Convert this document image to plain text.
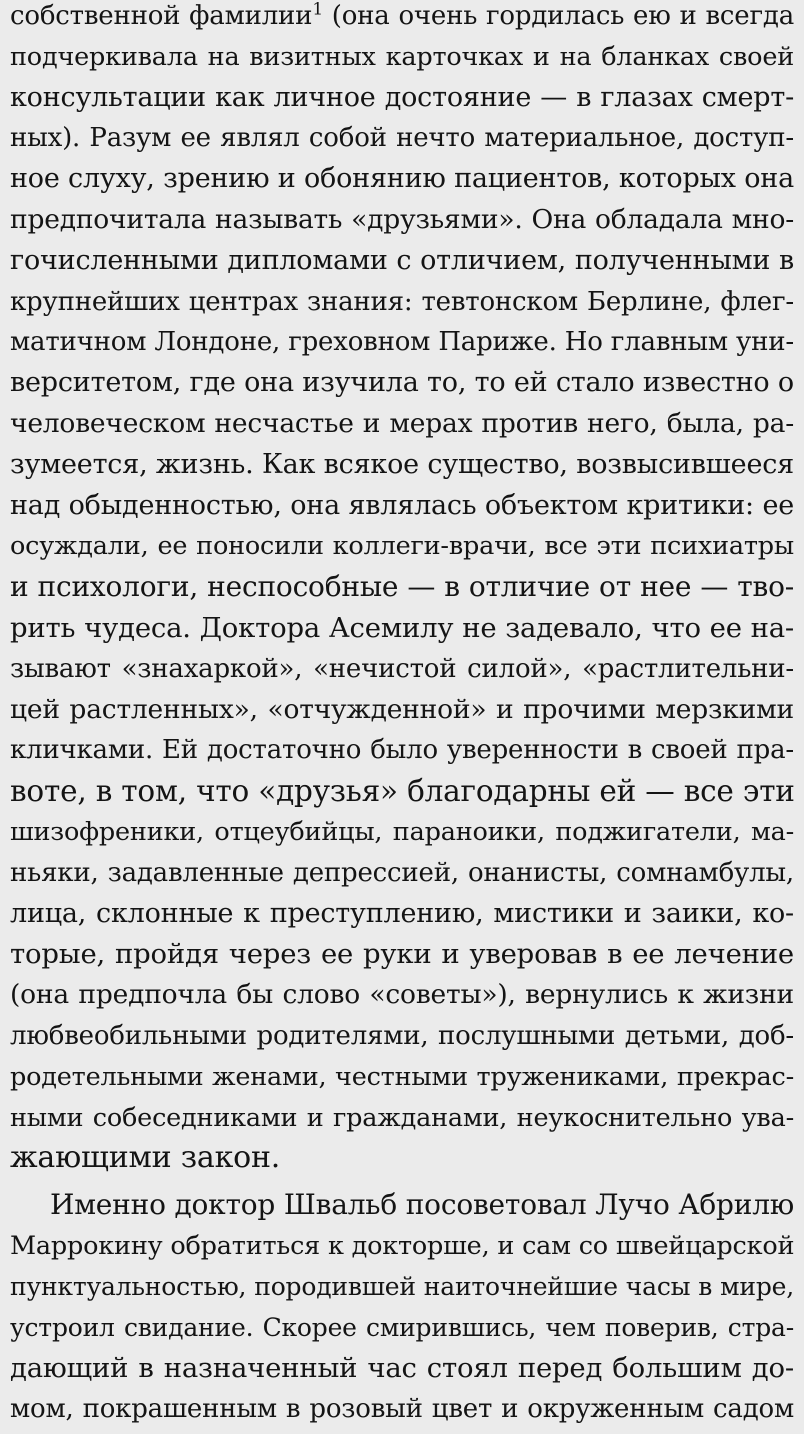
собственной фамилии$^1$ (она очень гордилась ею и всегда
подчеркивала на визитных карточках и на бланках своей
консультации как личное достояние — в глазах смерт-
ных). Разум ее являл собой нечто материальное, доступ-
ное слуху, зрению и обонянию пациентов, которых она
предпочитала называть «друзьями». Она обладала мно-
гочисленными дипломами с отличием, полученными в
крупнейших центрах знания: тевтонском Берлине, флег-
матичном Лондоне, греховном Париже. Но главным уни-
верситетом, где она изучила то, то ей стало известно о
человеческом несчастье и мерах против него, была, ра-
зумеется, жизнь. Как всякое существо, возвысившееся
над обыденностью, она являлась объектом критики: ее
осуждали, ее поносили коллеги-врачи, все эти психиатры
и психологи, неспособные — в отличие от нее — тво-
рить чудеса. Доктора Асемилу не задевало, что ее на-
зывают «знахаркой», «нечистой силой», «растлительни-
цей растленных», «отчужденной» и прочими мерзкими
кличками. Ей достаточно было уверенности в своей пра-
воте, в том, что «друзья» благодарны ей — все эти
шизофреники, отцеубийцы, параноики, поджигатели, ма-
ньяки, задавленные депрессией, онанисты, сомнамбулы,
лица, склонные к преступлению, мистики и заики, ко-
торые, пройдя через ее руки и уверовав в ее лечение
(она предпочла бы слово «советы»), вернулись к жизни
любвеобильными родителями, послушными детьми, доб-
родетельными женами, честными тружениками, прекрас-
ными собеседниками и гражданами, неукоснительно ува-
жающими закон.
Именно доктор Швальб посоветовал Лучо Абрилю
Маррокину обратиться к докторше, и сам со швейцарской
пунктуальностью, породившей наиточнейшие часы в мире,
устроил свидание. Скорее смирившись, чем поверив, стра-
дающий в назначенный час стоял перед большим до-
мом, покрашенным в розовый цвет и окруженным садом
